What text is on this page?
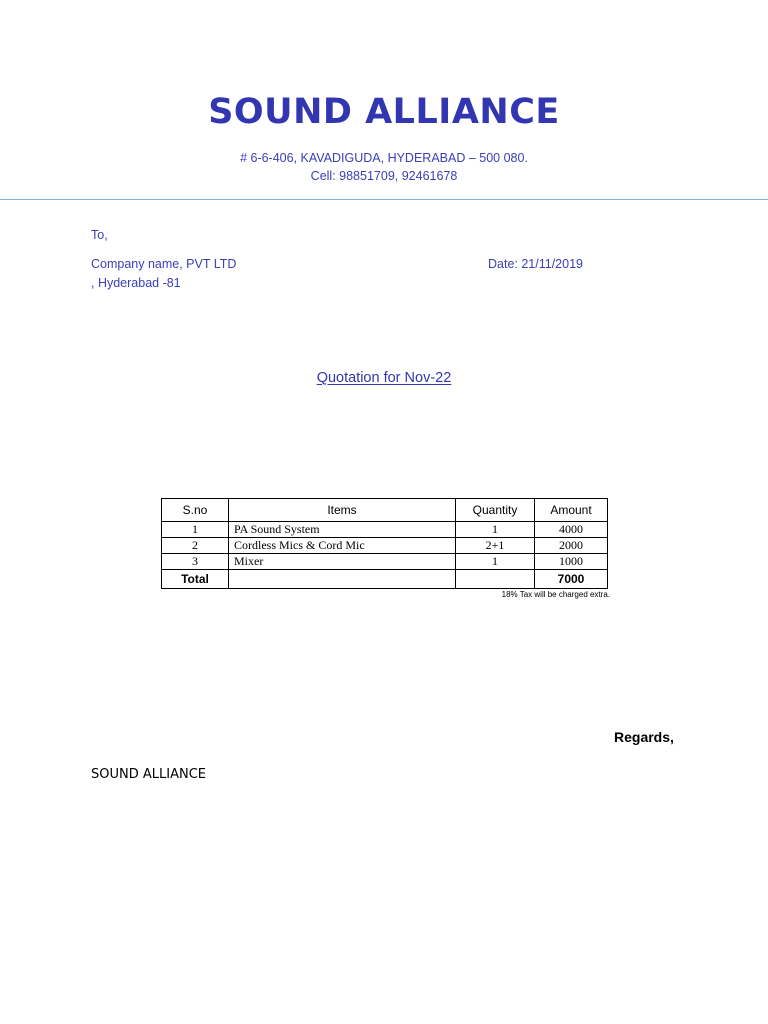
SOUND ALLIANCE
# 6-6-406, KAVADIGUDA, HYDERABAD – 500 080.
Cell: 98851709, 92461678
To,
Company name, PVT LTD
, Hyderabad -81
Date: 21/11/2019
Quotation for Nov-22
S.no	Items	Quantity	Amount
1	PA Sound System	1	4000
2	Cordless Mics & Cord Mic	2+1	2000
3	Mixer	1	1000
Total			7000
18% Tax will be charged extra.
Regards,
SOUND ALLIANCE
